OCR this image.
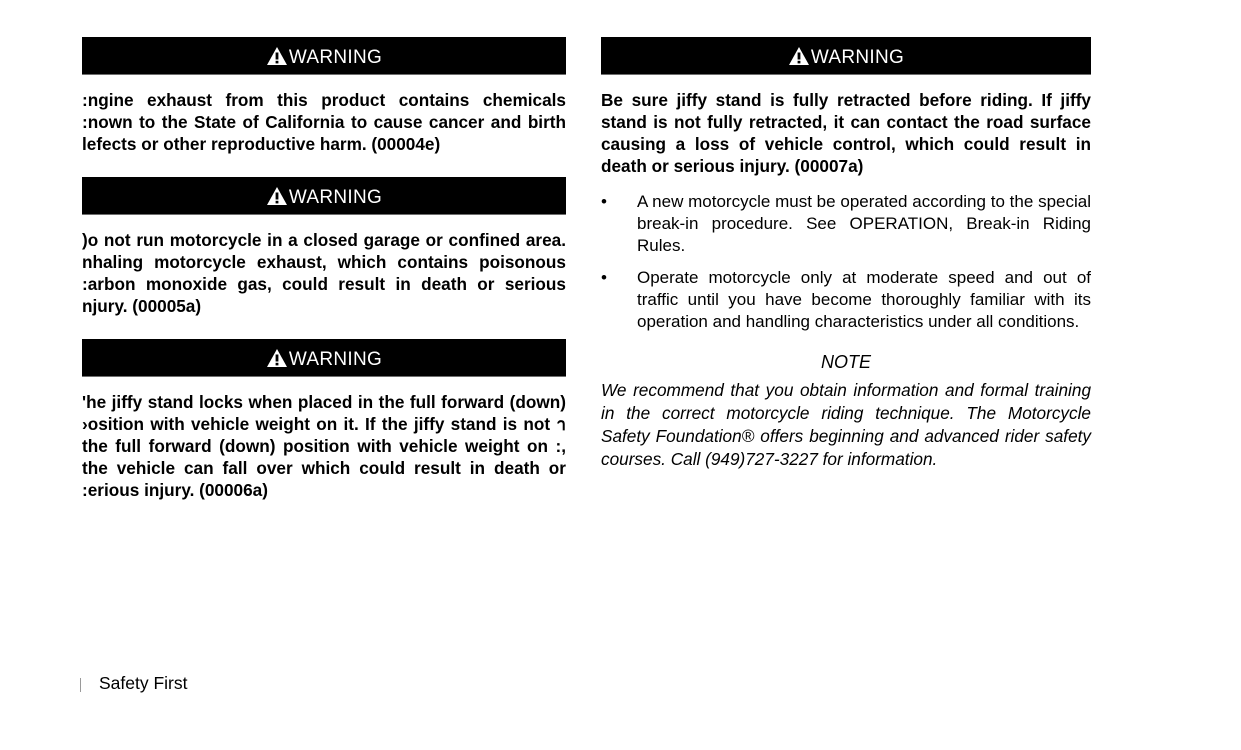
WARNING

:ngine exhaust from this product contains chemicals :nown to the State of California to cause cancer and birth lefects or other reproductive harm. (00004e)

WARNING

)o not run motorcycle in a closed garage or confined area. nhaling motorcycle exhaust, which contains poisonous :arbon monoxide gas, could result in death or serious njury. (00005a)

WARNING

'he jiffy stand locks when placed in the full forward (down) ›osition with vehicle weight on it. If the jiffy stand is not า the full forward (down) position with vehicle weight on :, the vehicle can fall over which could result in death or :erious injury. (00006a)

WARNING

Be sure jiffy stand is fully retracted before riding. If jiffy stand is not fully retracted, it can contact the road surface causing a loss of vehicle control, which could result in death or serious injury. (00007a)

• A new motorcycle must be operated according to the special break-in procedure. See OPERATION, Break-in Riding Rules.
• Operate motorcycle only at moderate speed and out of traffic until you have become thoroughly familiar with its operation and handling characteristics under all conditions.
NOTE

We recommend that you obtain information and formal training in the correct motorcycle riding technique. The Motorcycle Safety Foundation® offers beginning and advanced rider safety courses. Call (949)727-3227 for information.

Safety First
